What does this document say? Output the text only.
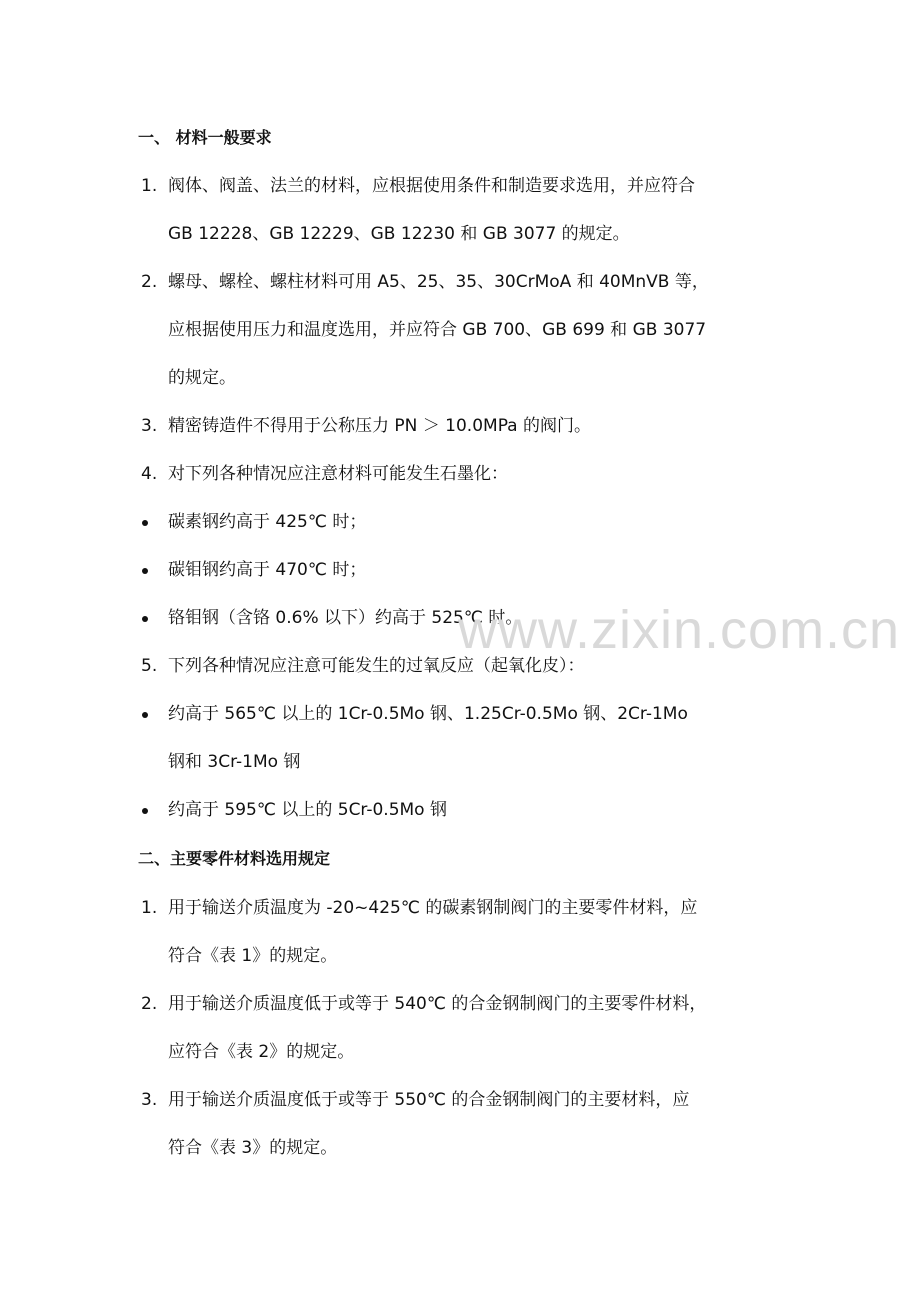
一、 材料一般要求
1. 阀体、阀盖、法兰的材料，应根据使用条件和制造要求选用，并应符合
GB 12228、GB 12229、GB 12230 和 GB 3077 的规定。
2. 螺母、螺栓、螺柱材料可用 A5、25、35、30CrMoA 和 40MnVB 等，
应根据使用压力和温度选用，并应符合 GB 700、GB 699 和 GB 3077
的规定。
3. 精密铸造件不得用于公称压力 PN ＞ 10.0MPa 的阀门。
4. 对下列各种情况应注意材料可能发生石墨化：
碳素钢约高于 425℃ 时；
碳钼钢约高于 470℃ 时；
铬钼钢（含铬 0.6% 以下）约高于 525℃ 时。
5. 下列各种情况应注意可能发生的过氧反应（起氧化皮）：
约高于 565℃ 以上的 1Cr-0.5Mo 钢、1.25Cr-0.5Mo 钢、2Cr-1Mo
钢和 3Cr-1Mo 钢
约高于 595℃ 以上的 5Cr-0.5Mo 钢
二、主要零件材料选用规定
1. 用于输送介质温度为 -20~425℃ 的碳素钢制阀门的主要零件材料，应
符合《表 1》的规定。
2. 用于输送介质温度低于或等于 540℃ 的合金钢制阀门的主要零件材料，
应符合《表 2》的规定。
3. 用于输送介质温度低于或等于 550℃ 的合金钢制阀门的主要材料，应
符合《表 3》的规定。
www.zixin.com.cn
